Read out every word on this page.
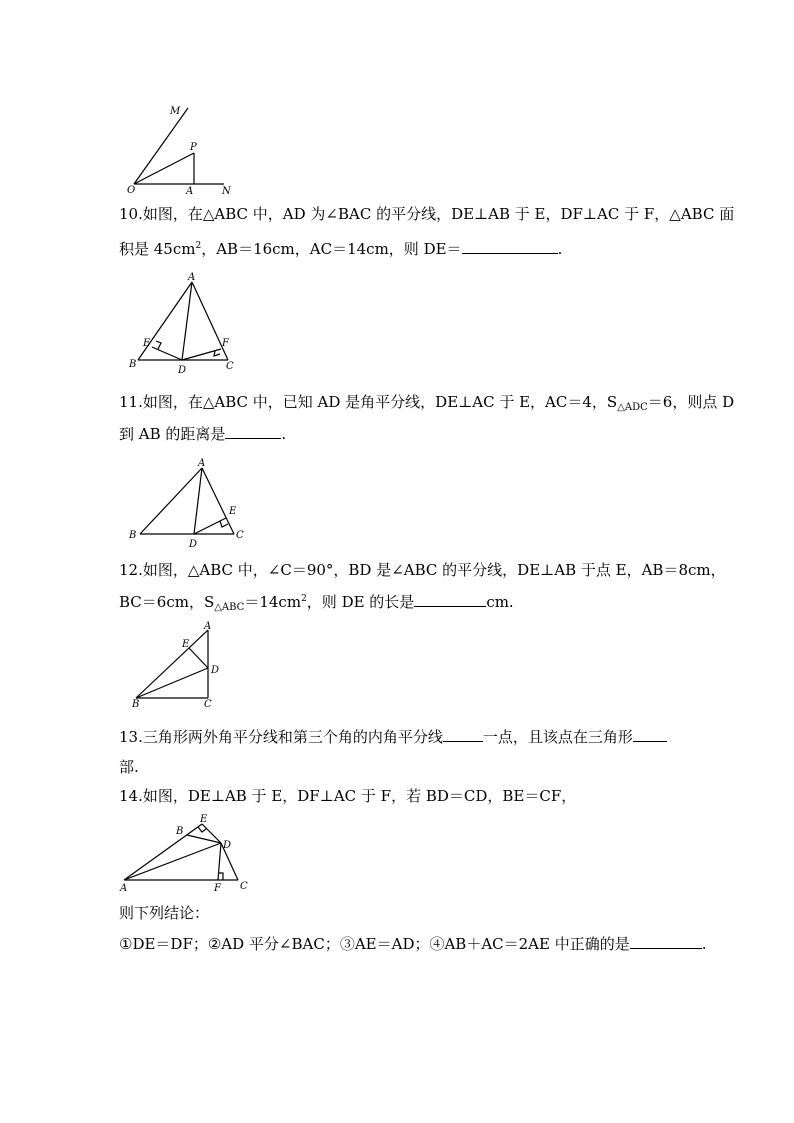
M
P
O	A	N
10.如图，在△ABC 中，AD 为∠BAC 的平分线，DE⊥AB 于 E，DF⊥AC 于 F，△ABC 面
积是 $45cm^2$，AB＝16cm，AC＝14cm，则 DE＝	.
A
E	F
B
D	C
11.如图，在△ABC 中，已知 AD 是角平分线，DE⊥AC 于 E，AC＝4，$S_{\triangle ADC}=6$，则点 D
到 AB 的距离是	.
A
E
B
D
C
12.如图，△ABC 中，∠C＝90°，BD 是∠ABC 的平分线，DE⊥AB 于点 E，AB＝8cm，
BC＝6cm，$S_{\triangle ABC}=14cm^2$，则 DE 的长是	cm.
A
E
D
B	C
13.三角形两外角平分线和第三个角的内角平分线	一点，且该点在三角形
部.
14.如图，DE⊥AB 于 E，DF⊥AC 于 F，若 BD＝CD，BE＝CF，
E
B
D
A	F C
则下列结论：
①DE＝DF；②AD 平分∠BAC；③AE＝AD；④AB＋AC＝2AE 中正确的是	.
